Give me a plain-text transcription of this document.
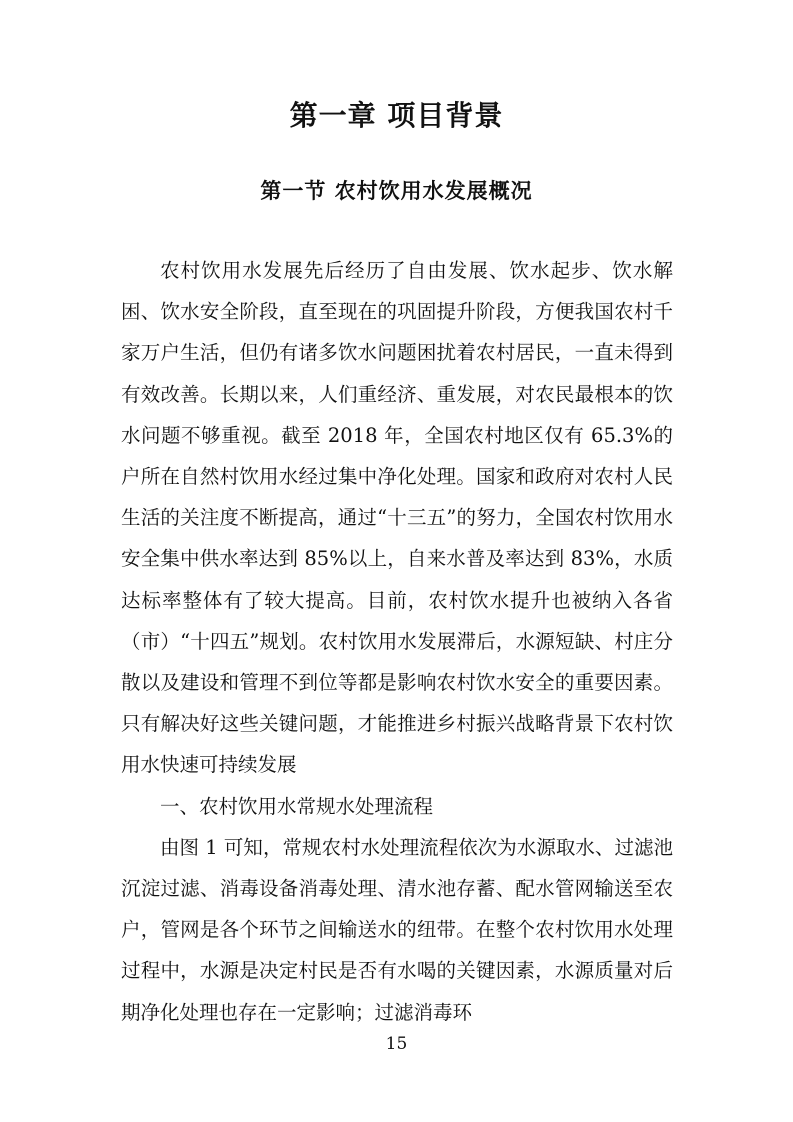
第一章 项目背景
第一节 农村饮用水发展概况

农村饮用水发展先后经历了自由发展、饮水起步、饮水解困、饮水安全阶段，直至现在的巩固提升阶段，方便我国农村千家万户生活，但仍有诸多饮水问题困扰着农村居民，一直未得到有效改善。长期以来，人们重经济、重发展，对农民最根本的饮水问题不够重视。截至 2018 年，全国农村地区仅有 65.3%的户所在自然村饮用水经过集中净化处理。国家和政府对农村人民生活的关注度不断提高，通过“十三五”的努力，全国农村饮用水安全集中供水率达到 85%以上，自来水普及率达到 83%，水质达标率整体有了较大提高。目前，农村饮水提升也被纳入各省（市）“十四五”规划。农村饮用水发展滞后，水源短缺、村庄分散以及建设和管理不到位等都是影响农村饮水安全的重要因素。只有解决好这些关键问题，才能推进乡村振兴战略背景下农村饮用水快速可持续发展

一、农村饮用水常规水处理流程

由图 1 可知，常规农村水处理流程依次为水源取水、过滤池沉淀过滤、消毒设备消毒处理、清水池存蓄、配水管网输送至农户，管网是各个环节之间输送水的纽带。在整个农村饮用水处理过程中，水源是决定村民是否有水喝的关键因素，水源质量对后期净化处理也存在一定影响；过滤消毒环

15
